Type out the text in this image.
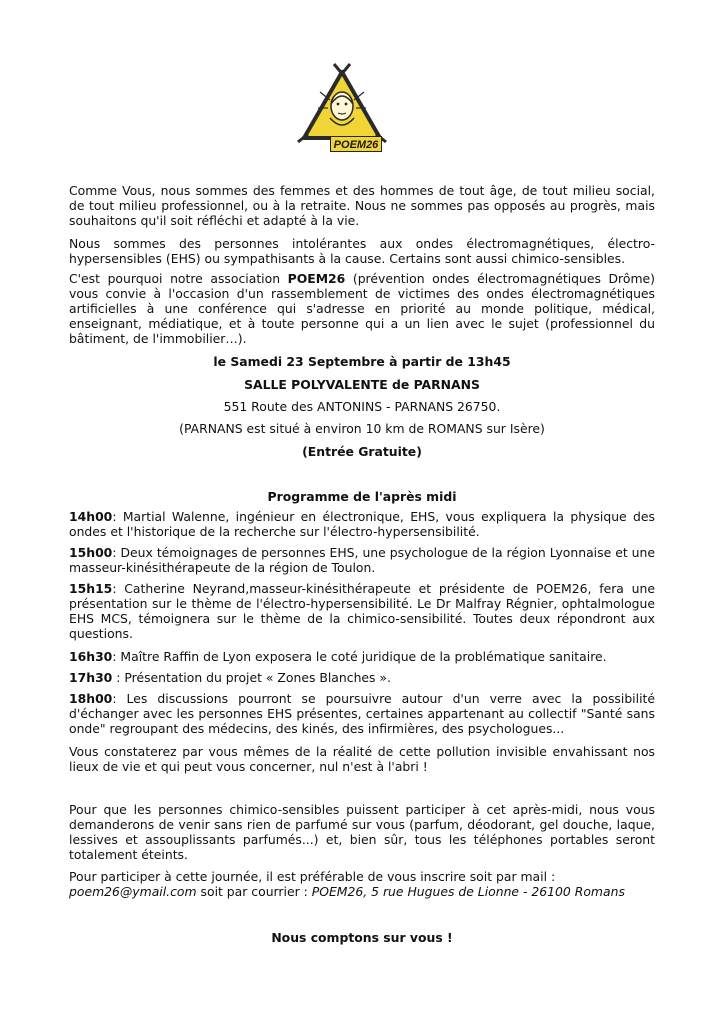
POEM26

Comme Vous, nous sommes des femmes et des hommes de tout âge, de tout milieu social, de tout milieu professionnel, ou à la retraite. Nous ne sommes pas opposés au progrès, mais souhaitons qu'il soit réfléchi et adapté à la vie.

Nous sommes des personnes intolérantes aux ondes électromagnétiques, électro-hypersensibles (EHS) ou sympathisants à la cause. Certains sont aussi chimico-sensibles.

C'est pourquoi notre association POEM26 (prévention ondes électromagnétiques Drôme) vous convie à l'occasion d'un rassemblement de victimes des ondes électromagnétiques artificielles à une conférence qui s'adresse en priorité au monde politique, médical, enseignant, médiatique, et à toute personne qui a un lien avec le sujet (professionnel du bâtiment, de l'immobilier…).

le Samedi 23 Septembre à partir de 13h45

SALLE POLYVALENTE de PARNANS

551 Route des ANTONINS - PARNANS 26750.

(PARNANS est situé à environ 10 km de ROMANS sur Isère)

(Entrée Gratuite)

Programme de l'après midi

14h00: Martial Walenne, ingénieur en électronique, EHS, vous expliquera la physique des ondes et l'historique de la recherche sur l'électro-hypersensibilité.

15h00: Deux témoignages de personnes EHS, une psychologue de la région Lyonnaise et une masseur-kinésithérapeute de la région de Toulon.

15h15: Catherine Neyrand,masseur-kinésithérapeute et présidente de POEM26, fera une présentation sur le thème de l'électro-hypersensibilité. Le Dr Malfray Régnier, ophtalmologue EHS MCS, témoignera sur le thème de la chimico-sensibilité. Toutes deux répondront aux questions.

16h30: Maître Raffin de Lyon exposera le coté juridique de la problématique sanitaire.

17h30 : Présentation du projet « Zones Blanches ».

18h00: Les discussions pourront se poursuivre autour d'un verre avec la possibilité d'échanger avec les personnes EHS présentes, certaines appartenant au collectif "Santé sans onde" regroupant des médecins, des kinés, des infirmières, des psychologues...

Vous constaterez par vous mêmes de la réalité de cette pollution invisible envahissant nos lieux de vie et qui peut vous concerner, nul n'est à l'abri !

Pour que les personnes chimico-sensibles puissent participer à cet après-midi, nous vous demanderons de venir sans rien de parfumé sur vous (parfum, déodorant, gel douche, laque, lessives et assouplissants parfumés...) et, bien sûr, tous les téléphones portables seront totalement éteints.

Pour participer à cette journée, il est préférable de vous inscrire soit par mail :
poem26@ymail.com soit par courrier : POEM26, 5 rue Hugues de Lionne - 26100 Romans

Nous comptons sur vous !
